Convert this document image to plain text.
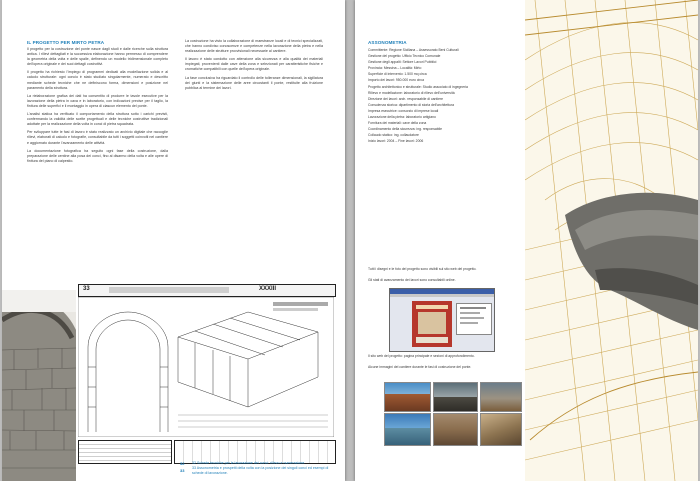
IL PROGETTO PER MIRTO PETRA

Il progetto per la costruzione del ponte nasce dagli studi e dalle ricerche sulla struttura antica. I rilievi dettagliati e la successiva elaborazione hanno permesso di comprendere la geometria della volta e delle spalle, definendo un modello tridimensionale completo dell'opera originale e dei suoi dettagli costruttivi.

Il progetto ha richiesto l'impiego di programmi dedicati alla modellazione solida e al calcolo strutturale: ogni concio è stato studiato singolarmente, numerato e descritto mediante schede tecniche che ne definiscono forma, dimensioni e posizione nel paramento della struttura.

La rielaborazione grafica dei dati ha consentito di produrre le tavole esecutive per la lavorazione della pietra in cava e in laboratorio, con indicazioni precise per il taglio, la finitura delle superfici e il montaggio in opera di ciascun elemento del ponte.

L'analisi statica ha verificato il comportamento della struttura sotto i carichi previsti, confermando la validità delle scelte progettuali e delle tecniche costruttive tradizionali adottate per la realizzazione della volta in conci di pietra squadrata.

Per sviluppare tutte le fasi di lavoro è stato realizzato un archivio digitale che raccoglie rilievi, elaborati di calcolo e fotografie, consultabile da tutti i soggetti coinvolti nel cantiere e aggiornato durante l'avanzamento delle attività.

La documentazione fotografica ha seguito ogni fase della costruzione, dalla preparazione delle centine alla posa dei conci, fino al disarmo della volta e alle opere di finitura del piano di calpestio.

La costruzione ha visto la collaborazione di maestranze locali e di tecnici specializzati, che hanno condiviso conoscenze e competenze nella lavorazione della pietra e nella realizzazione delle strutture provvisionali necessarie al cantiere.

Il lavoro è stato condotto con attenzione alla sicurezza e alla qualità dei materiali impiegati, provenienti dalle cave della zona e selezionati per caratteristiche fisiche e cromatiche compatibili con quelle dell'opera originale.

La fase conclusiva ha riguardato il controllo delle tolleranze dimensionali, la sigillatura dei giunti e la sistemazione delle aree circostanti il ponte, restituite alla fruizione pubblica al termine dei lavori.

33	XXXIII
32
33
32 Schede tecniche per la lavorazione dei conci: rilievo e numerazione.
33 Assonometria e prospetti della volta con la posizione dei singoli conci ed esempi di schede di lavorazione.
ASSONOMETRIA
Committente: Regione Siciliana – Assessorato Beni Culturali
Gestione del progetto: Ufficio Tecnico Comunale
Gestione degli appalti: Settore Lavori Pubblici
Provincia: Messina – Località: Mirto
Superficie di intervento: 1.500 mq circa
Importo dei lavori: 950.000 euro circa
Progetto architettonico e strutturale: Studio associato di ingegneria
Rilievo e modellazione: laboratorio di rilievo dell'università
Direzione dei lavori: arch. responsabile di cantiere
Consulenza storica: dipartimento di storia dell'architettura
Impresa esecutrice: consorzio di imprese locali
Lavorazione della pietra: laboratorio artigiano
Fornitura dei materiali: cave della zona
Coordinamento della sicurezza: ing. responsabile
Collaudo statico: ing. collaudatore
Inizio lavori: 2004 – Fine lavori: 2006
Tutti i disegni e le foto del progetto sono visibili sul sito web del progetto.
Gli stati di avanzamento dei lavori sono consultabili online.
Il sito web del progetto: pagina principale e sezioni di approfondimento.
Alcune immagini del cantiere durante le fasi di costruzione del ponte.
